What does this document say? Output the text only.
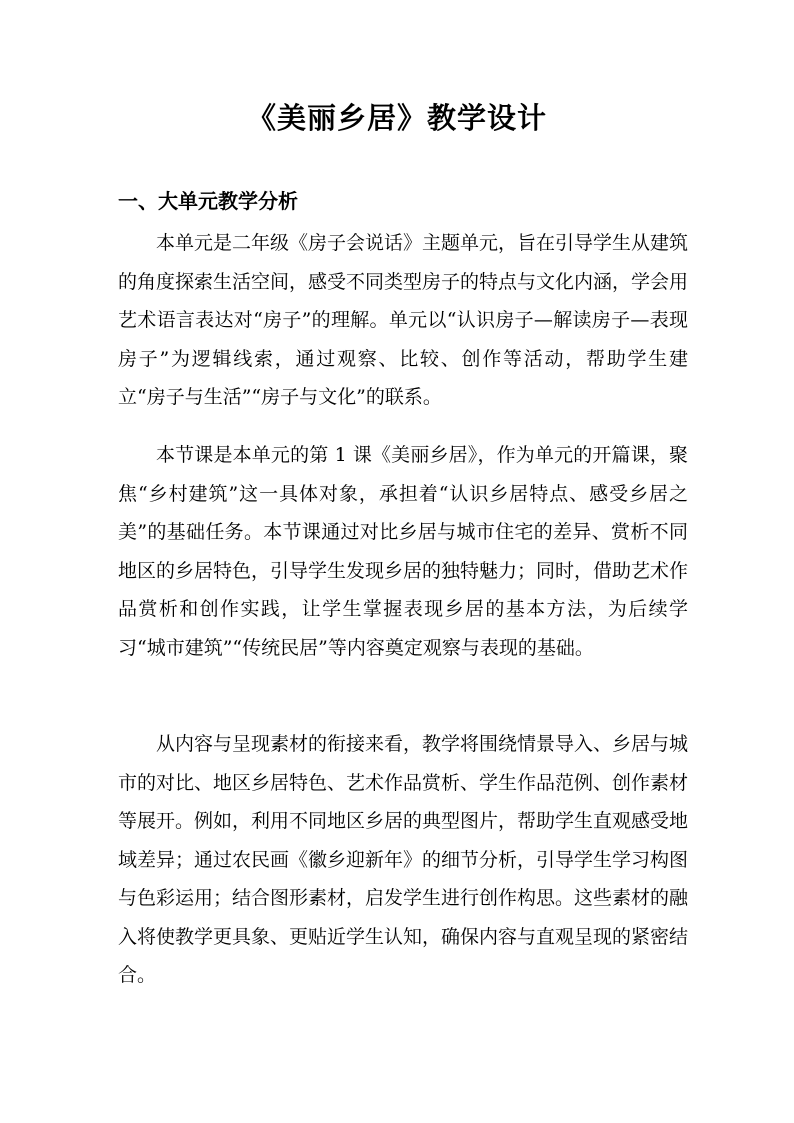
《美丽乡居》教学设计
一、大单元教学分析

本单元是二年级《房子会说话》主题单元，旨在引导学生从建筑的角度探索生活空间，感受不同类型房子的特点与文化内涵，学会用艺术语言表达对“房子”的理解。单元以“认识房子—解读房子—表现房子”为逻辑线索，通过观察、比较、创作等活动，帮助学生建立“房子与生活”“房子与文化”的联系。

本节课是本单元的第 1 课《美丽乡居》，作为单元的开篇课，聚焦“乡村建筑”这一具体对象，承担着“认识乡居特点、感受乡居之美”的基础任务。本节课通过对比乡居与城市住宅的差异、赏析不同地区的乡居特色，引导学生发现乡居的独特魅力；同时，借助艺术作品赏析和创作实践，让学生掌握表现乡居的基本方法，为后续学习“城市建筑”“传统民居”等内容奠定观察与表现的基础。

从内容与呈现素材的衔接来看，教学将围绕情景导入、乡居与城市的对比、地区乡居特色、艺术作品赏析、学生作品范例、创作素材等展开。例如，利用不同地区乡居的典型图片，帮助学生直观感受地域差异；通过农民画《徽乡迎新年》的细节分析，引导学生学习构图与色彩运用；结合图形素材，启发学生进行创作构思。这些素材的融入将使教学更具象、更贴近学生认知，确保内容与直观呈现的紧密结合。
